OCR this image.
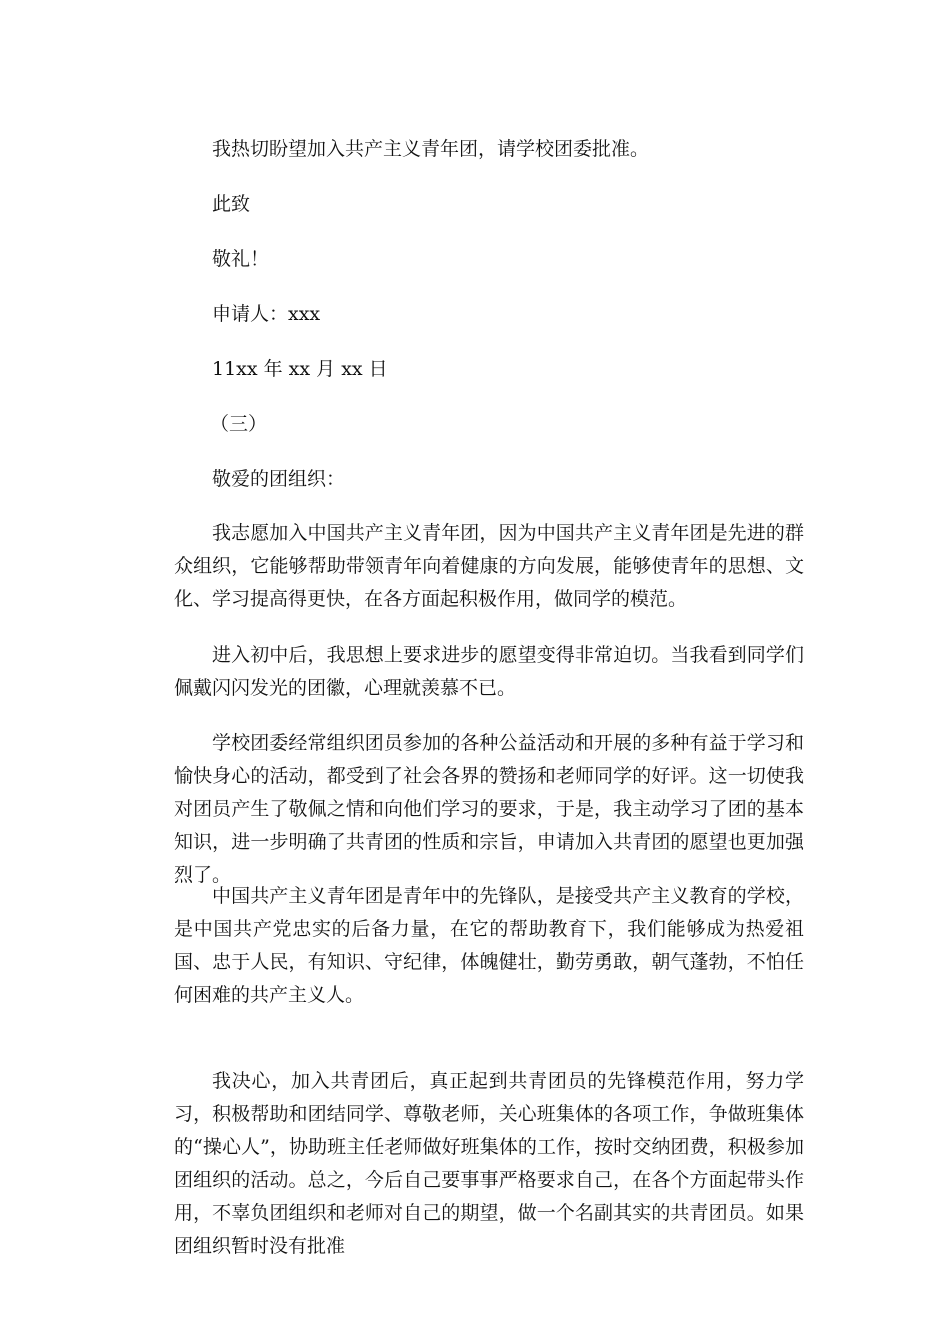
我热切盼望加入共产主义青年团，请学校团委批准。
此致
敬礼！
申请人：xxx
11xx 年 xx 月 xx 日
（三）
敬爱的团组织：
我志愿加入中国共产主义青年团，因为中国共产主义青年团是先进的群众组织，它能够帮助带领青年向着健康的方向发展，能够使青年的思想、文化、学习提高得更快，在各方面起积极作用，做同学的模范。
进入初中后，我思想上要求进步的愿望变得非常迫切。当我看到同学们佩戴闪闪发光的团徽，心理就羡慕不已。
学校团委经常组织团员参加的各种公益活动和开展的多种有益于学习和愉快身心的活动，都受到了社会各界的赞扬和老师同学的好评。这一切使我对团员产生了敬佩之情和向他们学习的要求，于是，我主动学习了团的基本知识，进一步明确了共青团的性质和宗旨，申请加入共青团的愿望也更加强烈了。
中国共产主义青年团是青年中的先锋队，是接受共产主义教育的学校，是中国共产党忠实的后备力量，在它的帮助教育下，我们能够成为热爱祖国、忠于人民，有知识、守纪律，体魄健壮，勤劳勇敢，朝气蓬勃，不怕任何困难的共产主义人。
我决心，加入共青团后，真正起到共青团员的先锋模范作用，努力学习，积极帮助和团结同学、尊敬老师，关心班集体的各项工作，争做班集体的“操心人”，协助班主任老师做好班集体的工作，按时交纳团费，积极参加团组织的活动。总之，今后自己要事事严格要求自己，在各个方面起带头作用，不辜负团组织和老师对自己的期望，做一个名副其实的共青团员。如果团组织暂时没有批准
